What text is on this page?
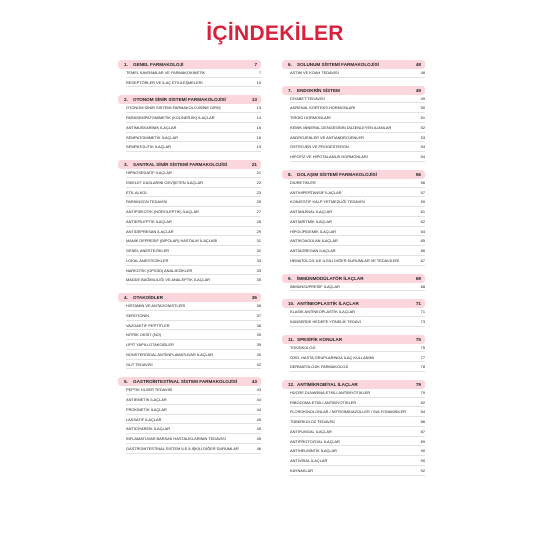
İÇİNDEKİLER
1. GENEL FARMAKOLOJİ	7
TEMEL KAVRAMLAR VE FARMAKOKİNETİK	7
RESEPTÖRLER VE İLAÇ ETKİLEŞMELERİ	10
2. OTONOM SİNİR SİSTEMİ FARMAKOLOJİSİ	13
OTONOM SİNİR SİSTEMİ FARMAKOLOJİSİNE GİRİŞ	13
PARASEMPATOMİMETİK (KOLİNERJİK) İLAÇLAR	14
ANTİMUSKARİNİK İLAÇLAR	16
SEMPATOMİMETİK İLAÇLAR	18
SEMPATOLİTİK İLAÇLAR	19
3. SANTRAL SİNİR SİSTEMİ FARMAKOLOJİSİ	21
HİPNOSEDATİF İLAÇLAR	21
İSKELET KASLARINI GEVŞETEN İLAÇLAR	22
ETİL ALKOL	23
PARKİNSON TEDAVİSİ	25
ANTİPSİKOTİK (NÖROLEPTİK) İLAÇLAR	27
ANTİEPİLEPTİK İLAÇLAR	28
ANTİDEPRESAN İLAÇLAR	29
MANİK DEPRESİF (BİPOLAR) HASTALIK İLAÇLARI	31
GENEL ANESTEZİKLER	32
LOKAL ANESTEZİKLER	33
NARKOTİK (OPİOİD) ANALJEZİKLER	33
MADDE BAĞIMLILIĞI VE ANALEPTİK İLAÇLAR	35
4. OTAKOİDLER	36
HİSTAMİN VE ANTAGONİSTLERİ	36
SEROTONİN	37
VAZOAKTİF PEPTİTLER	38
NİTRİK OKSİT (NO)	39
LİPİT YAPILI OTAKOİDLER	39
NONSTEROİDAL ANTİİNFLAMATUVAR İLAÇLAR	40
GUT TEDAVİSİ	42
5. GASTROİNTESTİNAL SİSTEM FARMAKOLOJİSİ	43
PEPTİK ÜLSER TEDAVİSİ	43
ANTİEMETİK İLAÇLAR	44
PROKİNETİK İLAÇLAR	44
LAKSATİF İLAÇLAR	45
ANTİDİYAREİK İLAÇLAR	45
İNFLAMATUVAR BARSAK HASTALIKLARININ TEDAVİSİ	45
GASTROİNTESTİNAL SİSTEM İLE İLİŞKİLİ DİĞER DURUMLAR	46
6. SOLUNUM SİSTEMİ FARMAKOLOJİSİ	48
ASTIM VE KOAH TEDAVİSİ	48
7. ENDOKRİN SİSTEM	49
DİYABET TEDAVİSİ	49
ADRENAL KORTEKS HORMONLARI	50
TİROİD HORMONLARI	51
KEMİK MİNERAL DENGESİNİN DÜZENLEYEN AJANLAR	52
ANDROJENLER VE ANTİANDROJENLER	53
ÖSTROJEN VE PROGESTERON	54
HİPOFİZ VE HİPOTALAMUS HORMONLARI	54
8. DOLAŞIM SİSTEMİ FARMAKOLOJİSİ	56
DİÜRETİKLER	56
ANTİHİPERTANSİF İLAÇLAR	57
KONJESTİF KALP YETMEZLİĞİ TEDAVİSİ	59
ANTİANJİNAL İLAÇLAR	61
ANTİARİTMİK İLAÇLAR	62
HİPOLİPİDEMİK İLAÇLAR	64
ANTİKOAGÜLAN İLAÇLAR	65
ANTİAGREGAN İLAÇLAR	66
HEMATOLOJİ İLE İLGİLİ DİĞER DURUMLAR VE TEDAVİLERİ	67
9. İMMÜNMODÜLATÖR İLAÇLAR	68
İMMÜNSÜPRESİF İLAÇLAR	68
10. ANTİNEOPLASTİK İLAÇLAR	71
KLASİK ANTİNEOPLASTİK İLAÇLAR	71
KANSERDE HEDEFE YÖNELİK TEDAVİ	73
11. SPESİFİK KONULAR	75
TOKSİKOLOJİ	75
ÖZEL HASTA GRUPLARINDA İLAÇ KULLANIMI	77
DERMATOLOJİK FARMAKOLOJİ	78
12. ANTİMİKROBİYAL İLAÇLAR	79
HÜCRE DUVARINA ETKİLİ ANTİBİYOTİKLER	79
RİBOZOMA ETKİLİ ANTİBİYOTİKLER	82
FLOROKİNOLONLAR / NİTROİMİDAZOLLER / SULFONAMİDLER	84
TÜBERKÜLOZ TEDAVİSİ	86
ANTİFUNGAL İLAÇLAR	87
ANTİPROTOZOAL İLAÇLAR	89
ANTİHELMİNTİK İLAÇLAR	90
ANTİVİRAL İLAÇLAR	90
KAYNAKLAR	92
